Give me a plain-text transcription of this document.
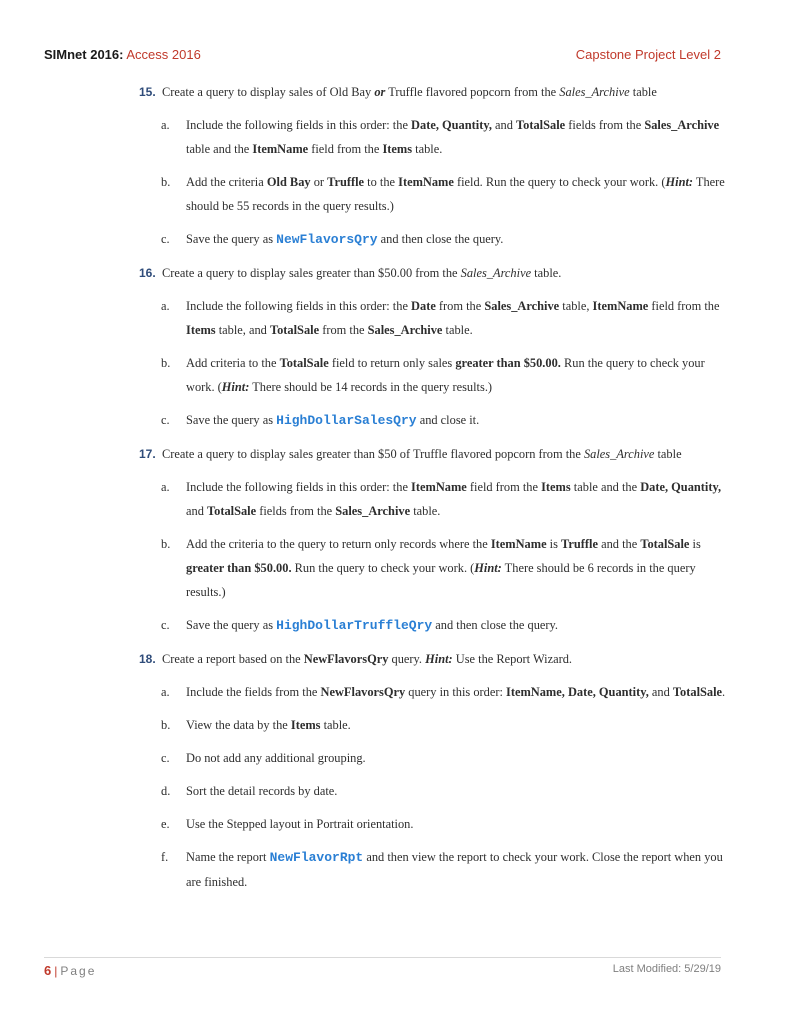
SIMnet 2016: Access 2016	Capstone Project Level 2
15. Create a query to display sales of Old Bay or Truffle flavored popcorn from the Sales_Archive table
a. Include the following fields in this order: the Date, Quantity, and TotalSale fields from the Sales_Archive table and the ItemName field from the Items table.
b. Add the criteria Old Bay or Truffle to the ItemName field. Run the query to check your work. (Hint: There should be 55 records in the query results.)
c. Save the query as NewFlavorsQry and then close the query.
16. Create a query to display sales greater than $50.00 from the Sales_Archive table.
a. Include the following fields in this order: the Date from the Sales_Archive table, ItemName field from the Items table, and TotalSale from the Sales_Archive table.
b. Add criteria to the TotalSale field to return only sales greater than $50.00. Run the query to check your work. (Hint: There should be 14 records in the query results.)
c. Save the query as HighDollarSalesQry and close it.
17. Create a query to display sales greater than $50 of Truffle flavored popcorn from the Sales_Archive table
a. Include the following fields in this order: the ItemName field from the Items table and the Date, Quantity, and TotalSale fields from the Sales_Archive table.
b. Add the criteria to the query to return only records where the ItemName is Truffle and the TotalSale is greater than $50.00. Run the query to check your work. (Hint: There should be 6 records in the query results.)
c. Save the query as HighDollarTruffleQry and then close the query.
18. Create a report based on the NewFlavorsQry query. Hint: Use the Report Wizard.
a. Include the fields from the NewFlavorsQry query in this order: ItemName, Date, Quantity, and TotalSale.
b. View the data by the Items table.
c. Do not add any additional grouping.
d. Sort the detail records by date.
e. Use the Stepped layout in Portrait orientation.
f. Name the report NewFlavorRpt and then view the report to check your work. Close the report when you are finished.
6 | Page	Last Modified: 5/29/19
